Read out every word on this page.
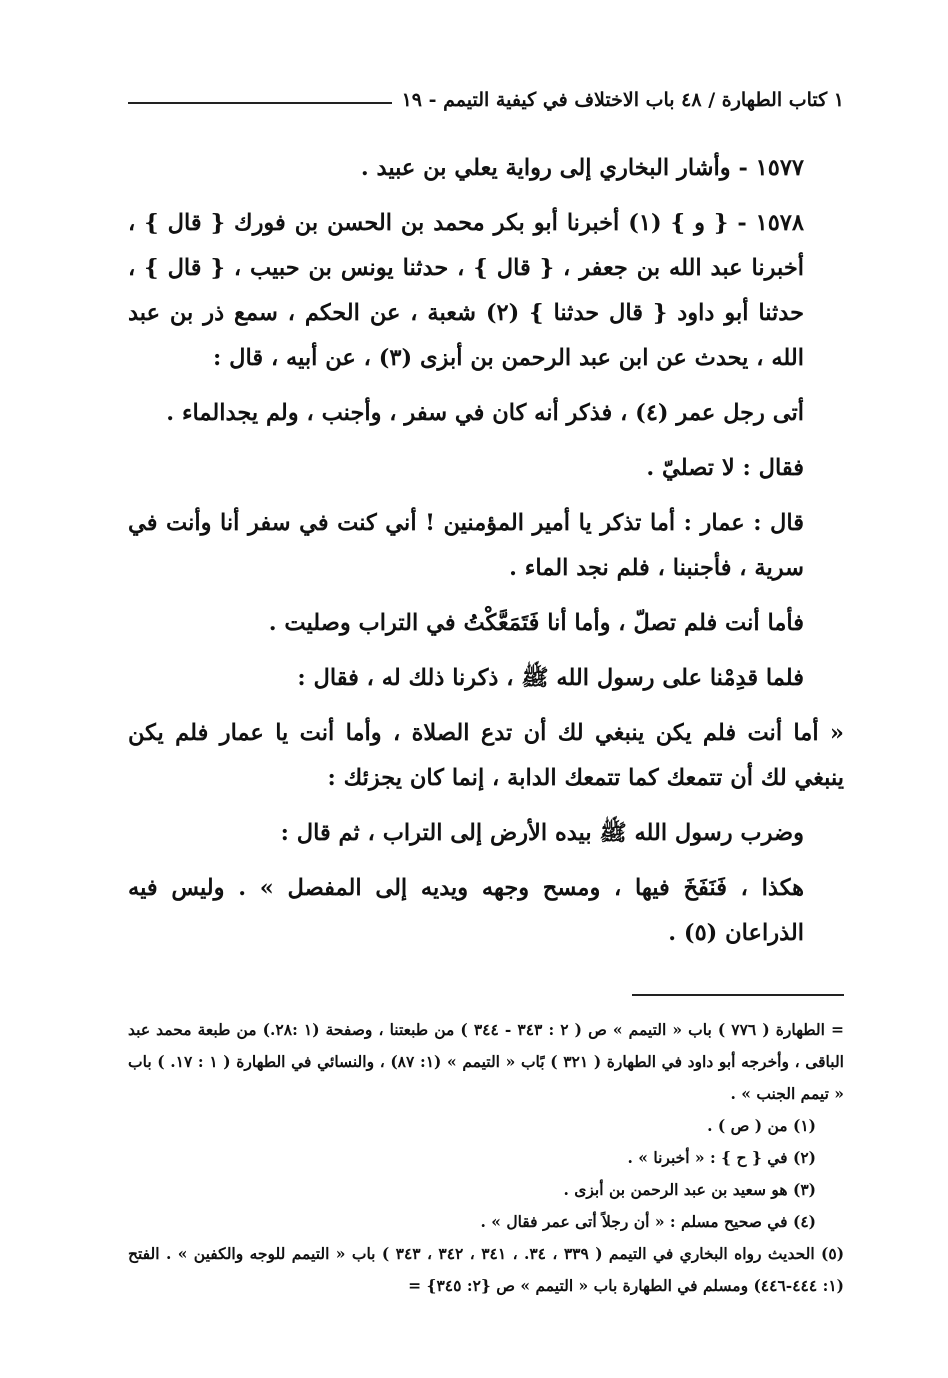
١ كتاب الطهارة / ٤٨ باب الاختلاف في كيفية التيمم - ١٩

١٥٧٧ - وأشار البخاري إلى رواية يعلي بن عبيد .

١٥٧٨ - { و } (١) أخبرنا أبو بكر محمد بن الحسن بن فورك { قال } ، أخبرنا عبد الله بن جعفر ، { قال } ، حدثنا يونس بن حبيب ، { قال } ، حدثنا أبو داود { قال حدثنا } (٢) شعبة ، عن الحكم ، سمع ذر بن عبد الله ، يحدث عن ابن عبد الرحمن بن أبزى (٣) ، عن أبيه ، قال :

أتى رجل عمر (٤) ، فذكر أنه كان في سفر ، وأجنب ، ولم يجدالماء .

فقال : لا تصليّ .

قال : عمار : أما تذكر يا أمير المؤمنين ! أني كنت في سفر أنا وأنت في سرية ، فأجنبنا ، فلم نجد الماء .

فأما أنت فلم تصلّ ، وأما أنا فَتَمَعَّكْتُ في التراب وصليت .

فلما قدِمْنا على رسول الله ﷺ ، ذكرنا ذلك له ، فقال :

« أما أنت فلم يكن ينبغي لك أن تدع الصلاة ، وأما أنت يا عمار فلم يكن ينبغي لك أن تتمعك كما تتمعك الدابة ، إنما كان يجزئك :

وضرب رسول الله ﷺ بيده الأرض إلى التراب ، ثم قال :

هكذا ، فَنَفَخَ فيها ، ومسح وجهه ويديه إلى المفصل » . وليس فيه الذراعان (٥) .

= الطهارة ( ٧٧٦ ) باب « التيمم » ص ( ٢ : ٣٤٣ - ٣٤٤ ) من طبعتنا ، وصفحة (١ :٢٨.) من طبعة محمد عبد الباقى ، وأخرجه أبو داود في الطهارة ( ٣٢١ ) بًاب « التيمم » (١: ٨٧) ، والنسائي في الطهارة ( ١ : ١٧. ) باب « تيمم الجنب » .

(١) من ( ص ) .

(٢) في { ح } : « أخبرنا » .

(٣) هو سعيد بن عبد الرحمن بن أبزى .

(٤) في صحيح مسلم : « أن رجلاً أتى عمر فقال » .

(٥) الحديث رواه البخاري في التيمم ( ٣٣٩ ، ٣٤. ، ٣٤١ ، ٣٤٢ ، ٣٤٣ ) باب « التيمم للوجه والكفين » . الفتح (١: ٤٤٤-٤٤٦) ومسلم في الطهارة باب « التيمم » ص {٢: ٣٤٥} =
